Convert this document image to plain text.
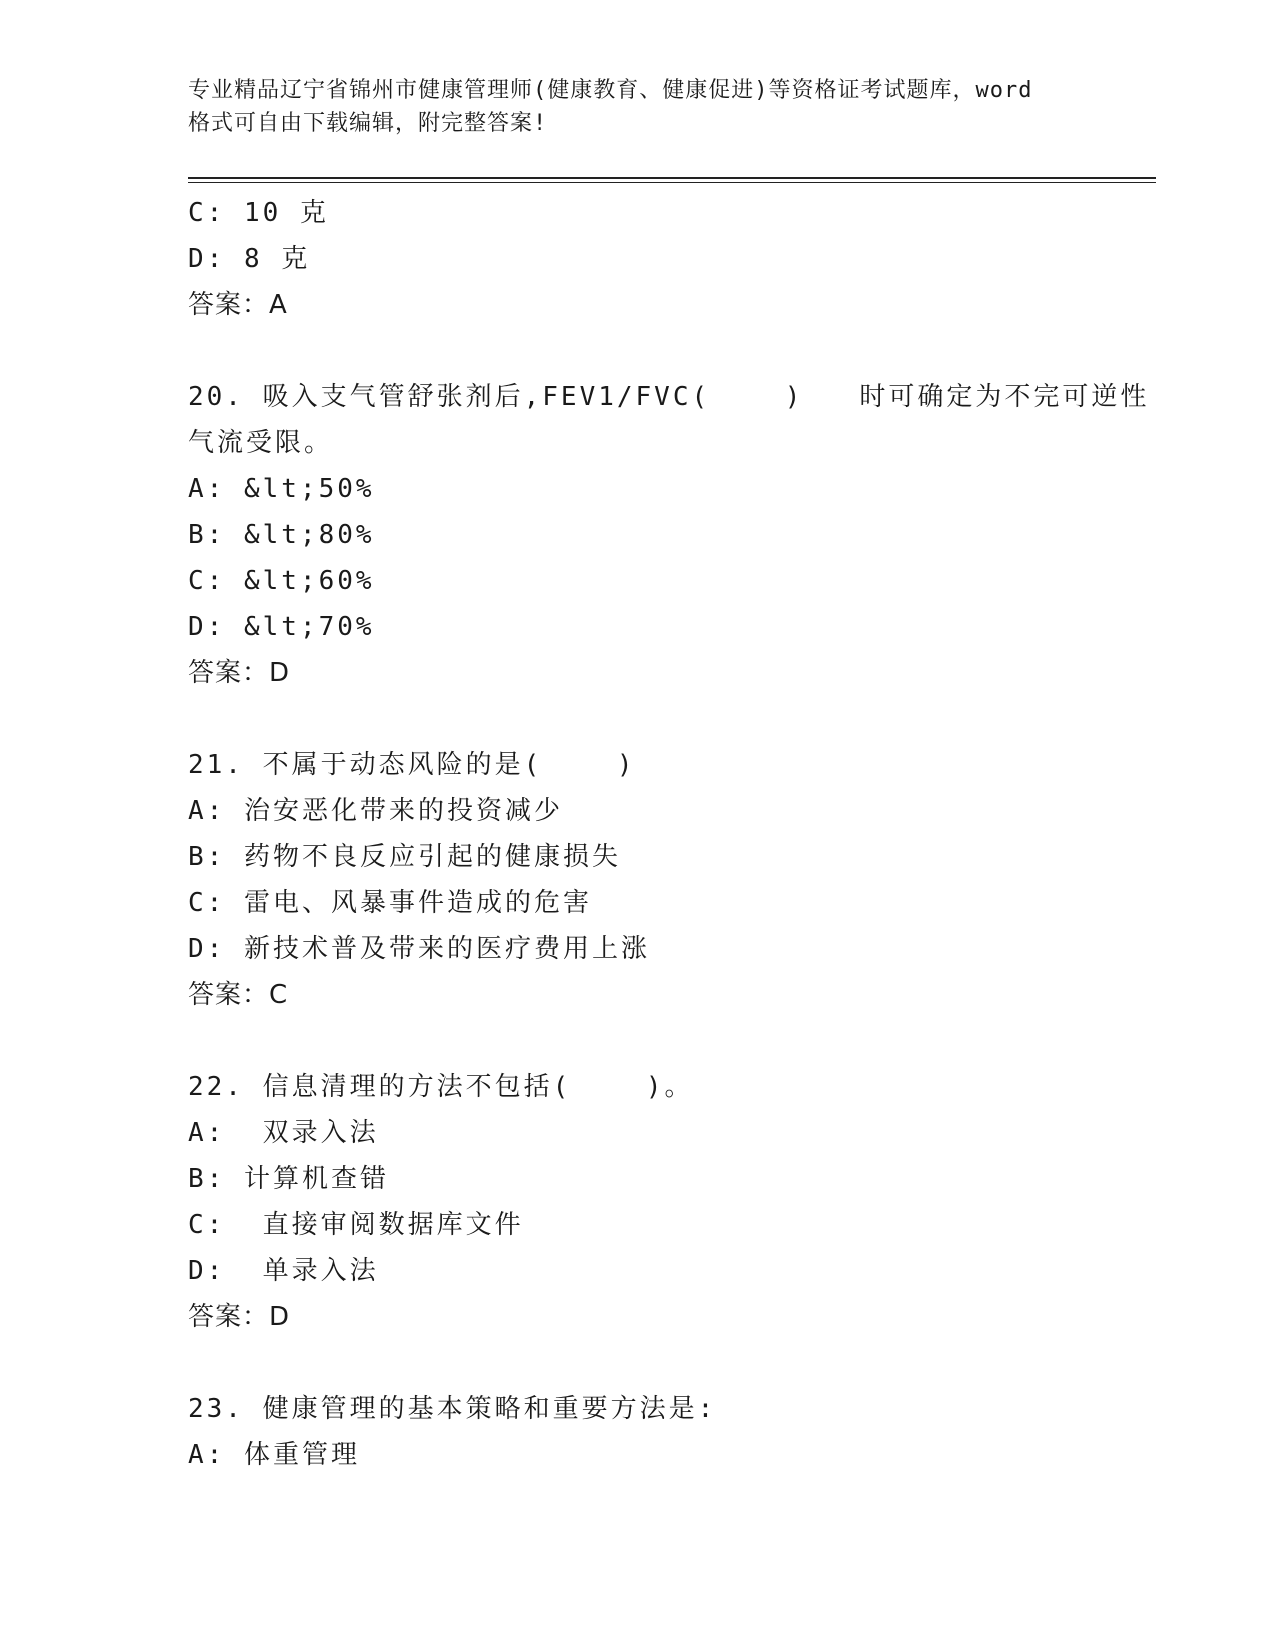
专业精品辽宁省锦州市健康管理师(健康教育、健康促进)等资格证考试题库，word
格式可自由下载编辑，附完整答案!
C: 10 克
D: 8 克
答案：A
20. 吸入支气管舒张剂后,FEV1/FVC(    )   时可确定为不完可逆性
气流受限。
A: &lt;50%
B: &lt;80%
C: &lt;60%
D: &lt;70%
答案：D
21. 不属于动态风险的是(    )
A: 治安恶化带来的投资减少
B: 药物不良反应引起的健康损失
C: 雷电、风暴事件造成的危害
D: 新技术普及带来的医疗费用上涨
答案：C
22. 信息清理的方法不包括(    )。
A:  双录入法
B: 计算机查错
C:  直接审阅数据库文件
D:  单录入法
答案：D
23. 健康管理的基本策略和重要方法是:
A: 体重管理
